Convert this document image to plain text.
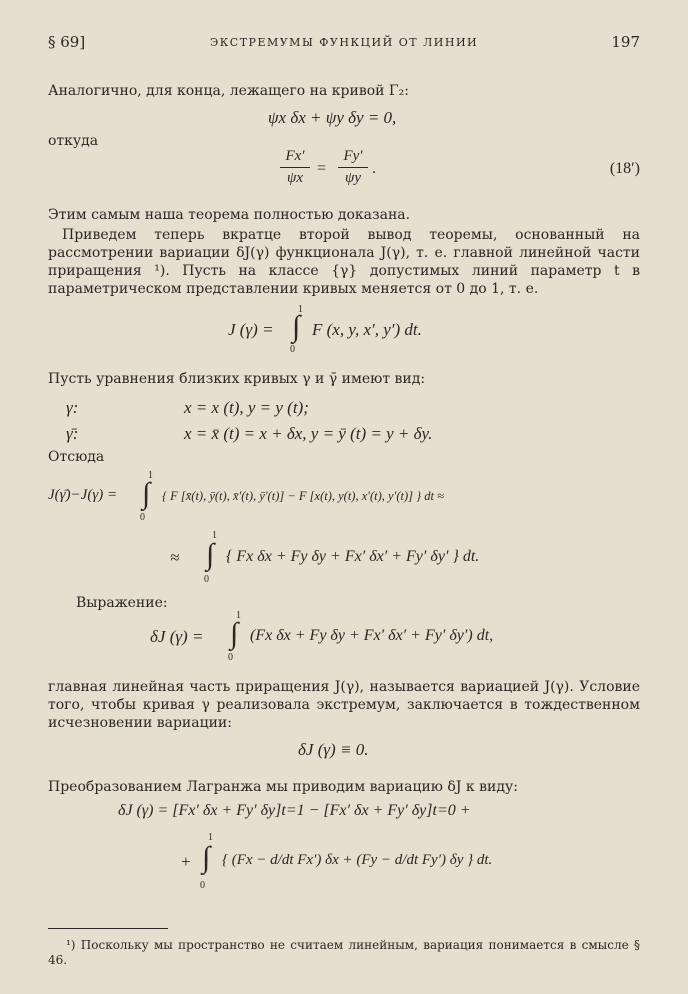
§ 69]	ЭКСТРЕМУМЫ ФУНКЦИЙ ОТ ЛИНИИ	197
Аналогично, для конца, лежащего на кривой Γ₂:
ψx δx + ψy δy = 0,
откуда
Fx′
ψx
=
Fy′
ψy
.	(18′)
Этим самым наша теорема полностью доказана.
Приведем теперь вкратце второй вывод теоремы, основанный на рассмотрении вариации δJ(γ) функционала J(γ), т. е. главной линейной части приращения ¹). Пусть на классе {γ} допустимых линий параметр t в параметрическом представлении кривых меняется от 0 до 1, т. е.
1
J (γ) = ∫ F (x, y, x′, y′) dt.
0
Пусть уравнения близких кривых γ и γ̄ имеют вид:
γ:	x = x (t), y = y (t);
γ̄:	x = x̄ (t) = x + δx, y = ȳ (t) = y + δy.
Отсюда
1
J(γ̄)−J(γ) = ∫ { F [x̄(t), ȳ(t), x̄′(t), ȳ′(t)] − F [x(t), y(t), x′(t), y′(t)] } dt ≈
0
1
≈ ∫ { Fx δx + Fy δy + Fx′ δx′ + Fy′ δy′ } dt.
0
Выражение:
1
δJ (γ) = ∫ (Fx δx + Fy δy + Fx′ δx′ + Fy′ δy′) dt,
0
главная линейная часть приращения J(γ), называется вариацией J(γ). Условие того, чтобы кривая γ реализовала экстремум, заключается в тождественном исчезновении вариации:
δJ (γ) ≡ 0.
Преобразованием Лагранжа мы приводим вариацию δJ к виду:
δJ (γ) = [Fx′ δx + Fy′ δy]t=1 − [Fx′ δx + Fy′ δy]t=0 +
1
+ ∫ { (Fx − d/dt Fx′) δx + (Fy − d/dt Fy′) δy } dt.
0
¹) Поскольку мы пространство не считаем линейным, вариация понимается в смысле § 46.
